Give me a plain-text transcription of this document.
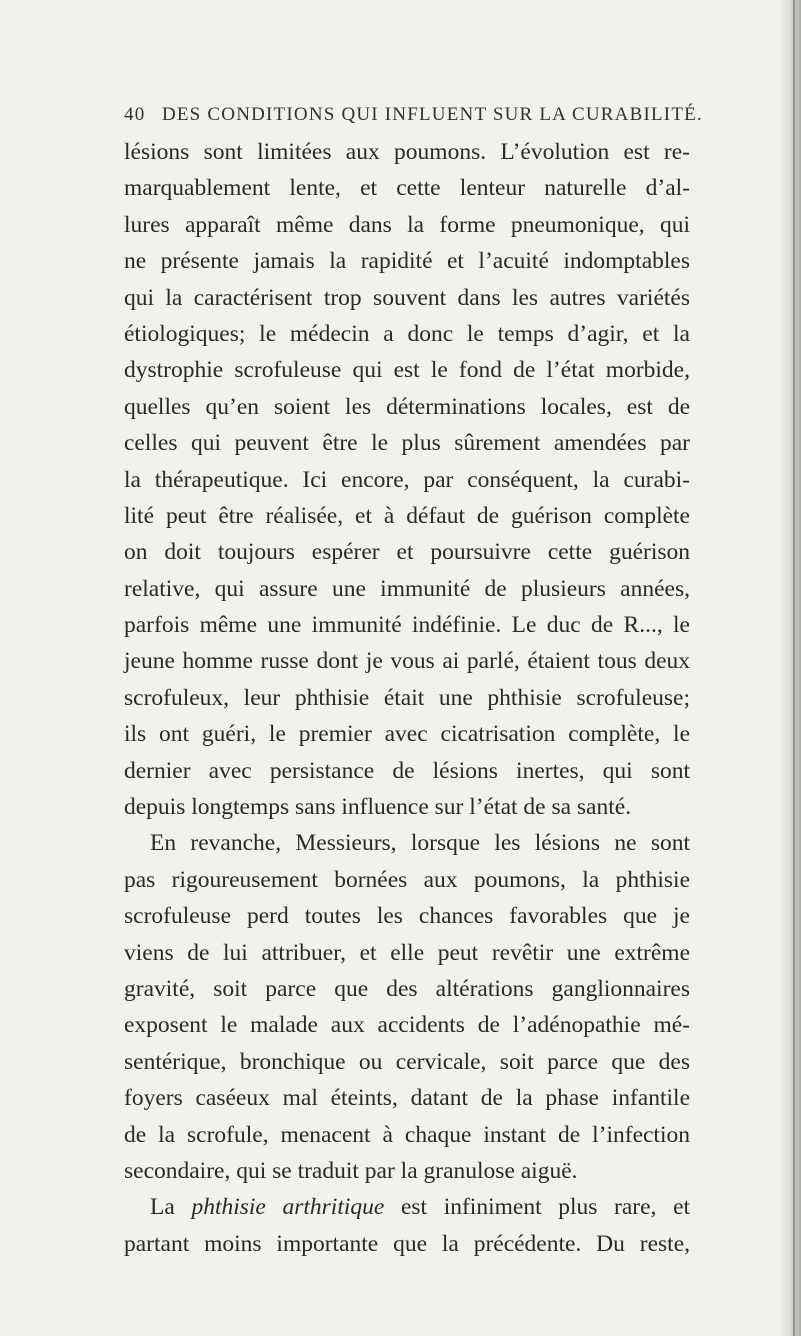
40 DES CONDITIONS QUI INFLUENT SUR LA CURABILITÉ.
lésions sont limitées aux poumons. L’évolution est re-
marquablement lente, et cette lenteur naturelle d’al-
lures apparaît même dans la forme pneumonique, qui
ne présente jamais la rapidité et l’acuité indomptables
qui la caractérisent trop souvent dans les autres variétés
étiologiques; le médecin a donc le temps d’agir, et la
dystrophie scrofuleuse qui est le fond de l’état morbide,
quelles qu’en soient les déterminations locales, est de
celles qui peuvent être le plus sûrement amendées par
la thérapeutique. Ici encore, par conséquent, la curabi-
lité peut être réalisée, et à défaut de guérison complète
on doit toujours espérer et poursuivre cette guérison
relative, qui assure une immunité de plusieurs années,
parfois même une immunité indéfinie. Le duc de R..., le
jeune homme russe dont je vous ai parlé, étaient tous deux
scrofuleux, leur phthisie était une phthisie scrofuleuse;
ils ont guéri, le premier avec cicatrisation complète, le
dernier avec persistance de lésions inertes, qui sont
depuis longtemps sans influence sur l’état de sa santé.
En revanche, Messieurs, lorsque les lésions ne sont
pas rigoureusement bornées aux poumons, la phthisie
scrofuleuse perd toutes les chances favorables que je
viens de lui attribuer, et elle peut revêtir une extrême
gravité, soit parce que des altérations ganglionnaires
exposent le malade aux accidents de l’adénopathie mé-
sentérique, bronchique ou cervicale, soit parce que des
foyers caséeux mal éteints, datant de la phase infantile
de la scrofule, menacent à chaque instant de l’infection
secondaire, qui se traduit par la granulose aiguë.
La phthisie arthritique est infiniment plus rare, et
partant moins importante que la précédente. Du reste,
